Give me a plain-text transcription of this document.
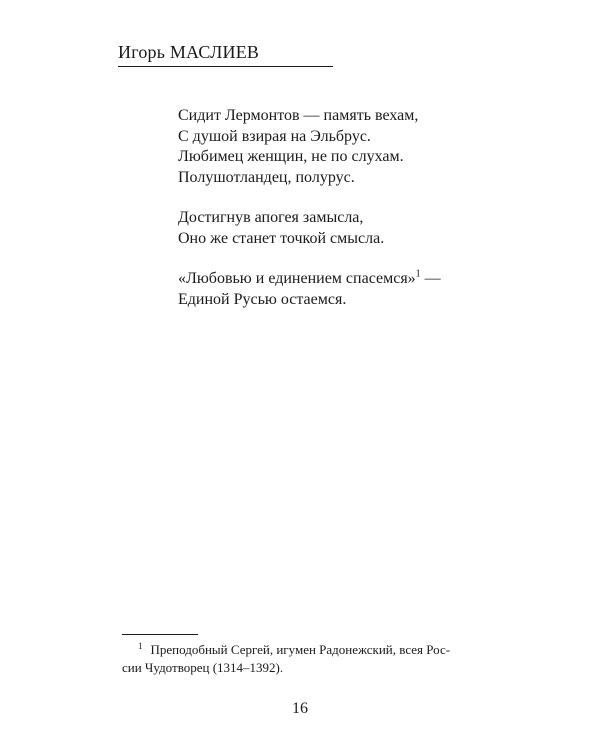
Игорь МАСЛИЕВ
Сидит Лермонтов — память вехам,
С душой взирая на Эльбрус.
Любимец женщин, не по слухам.
Полушотландец, полурус.
Достигнув апогея замысла,
Оно же станет точкой смысла.
«Любовью и единением спасемся»$^1$ —
Единой Русью остаемся.
$^1$ Преподобный Сергей, игумен Радонежский, всея Рос-
сии Чудотворец (1314–1392).
16
